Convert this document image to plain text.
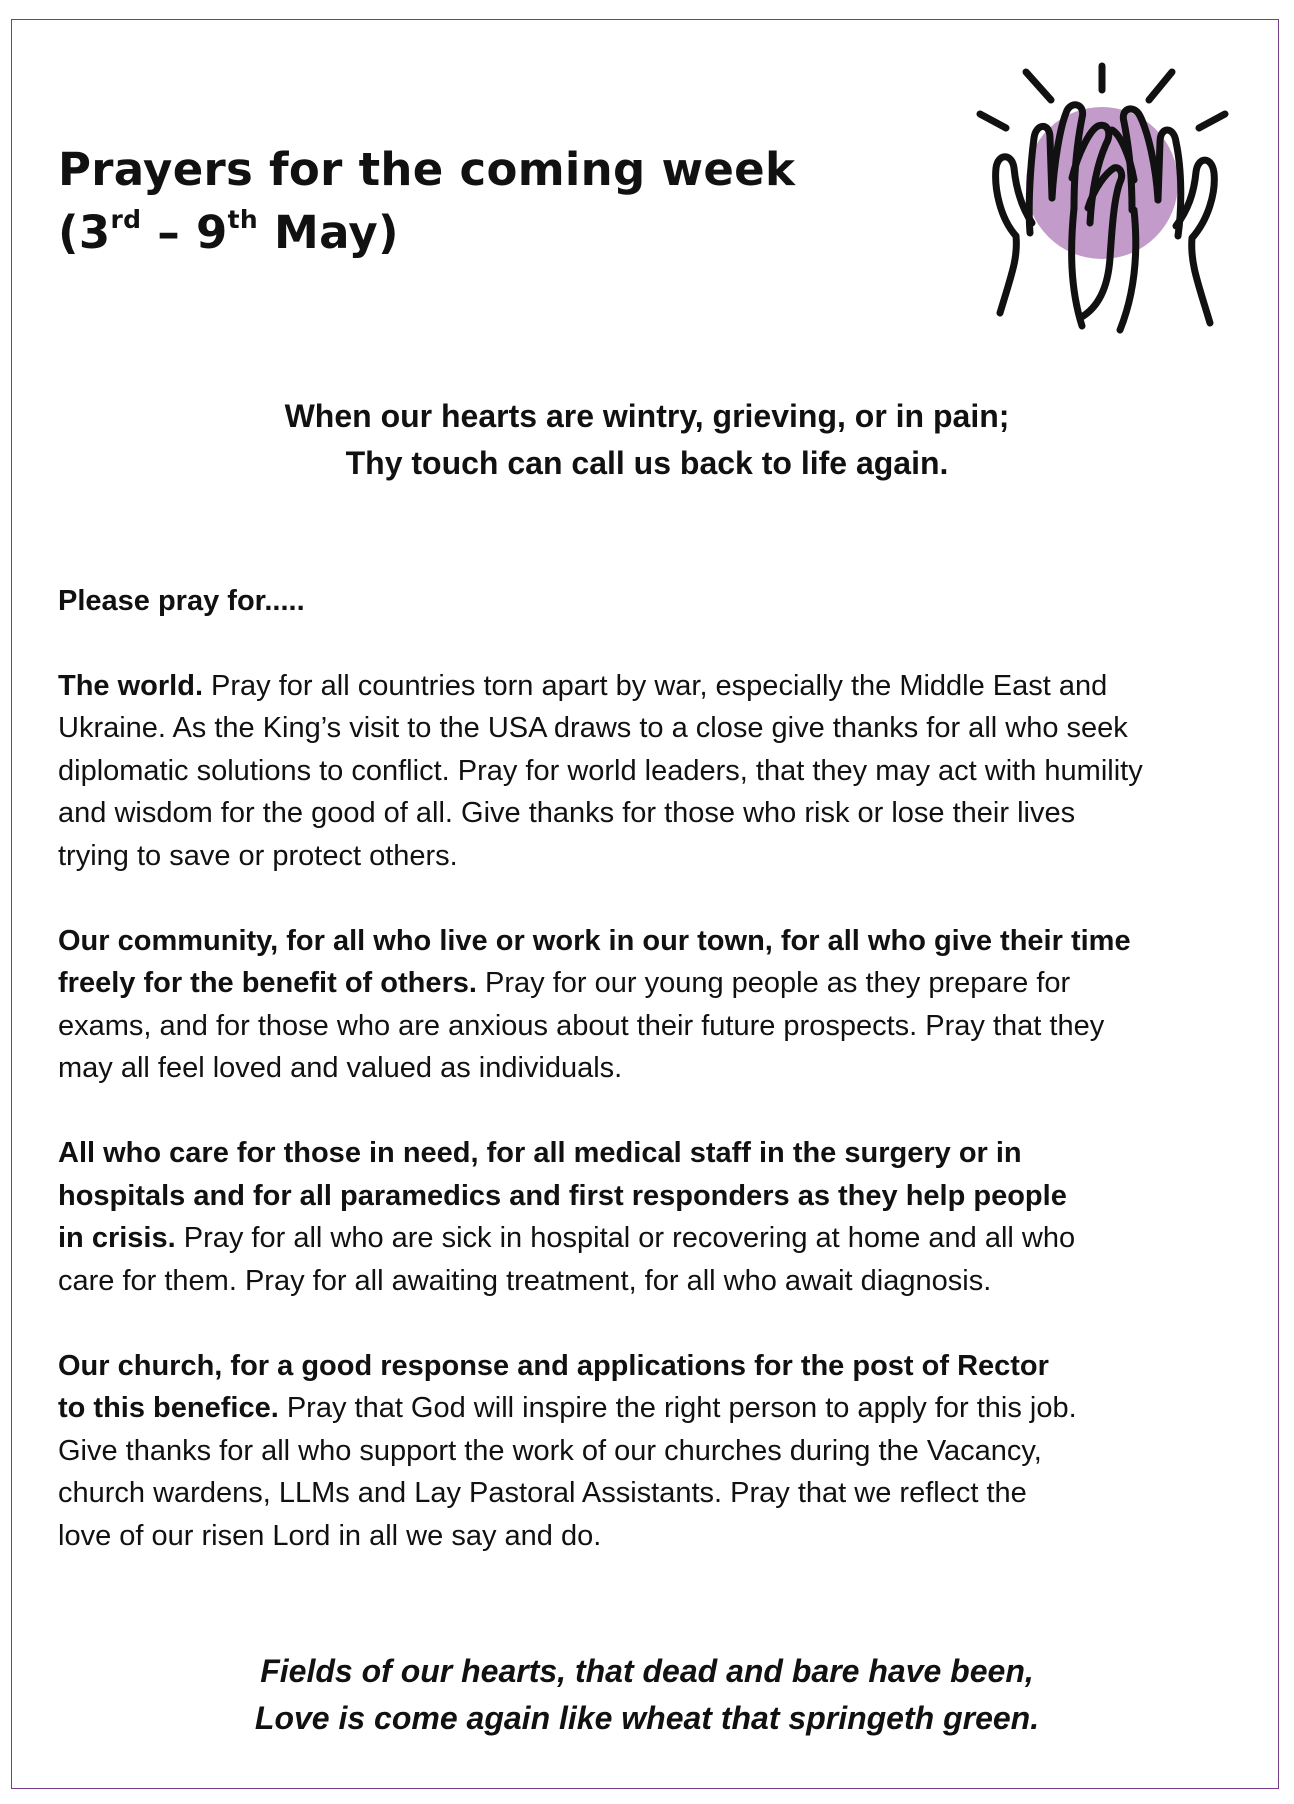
Prayers for the coming week
(3rd – 9th May)
When our hearts are wintry, grieving, or in pain;
Thy touch can call us back to life again.

Please pray for.....

The world. Pray for all countries torn apart by war, especially the Middle East and
Ukraine. As the King’s visit to the USA draws to a close give thanks for all who seek
diplomatic solutions to conflict. Pray for world leaders, that they may act with humility
and wisdom for the good of all. Give thanks for those who risk or lose their lives
trying to save or protect others.
Our community, for all who live or work in our town, for all who give their time
freely for the benefit of others. Pray for our young people as they prepare for
exams, and for those who are anxious about their future prospects. Pray that they
may all feel loved and valued as individuals.
All who care for those in need, for all medical staff in the surgery or in
hospitals and for all paramedics and first responders as they help people
in crisis. Pray for all who are sick in hospital or recovering at home and all who
care for them. Pray for all awaiting treatment, for all who await diagnosis.
Our church, for a good response and applications for the post of Rector
to this benefice. Pray that God will inspire the right person to apply for this job.
Give thanks for all who support the work of our churches during the Vacancy,
church wardens, LLMs and Lay Pastoral Assistants. Pray that we reflect the
love of our risen Lord in all we say and do.
Fields of our hearts, that dead and bare have been,
Love is come again like wheat that springeth green.
